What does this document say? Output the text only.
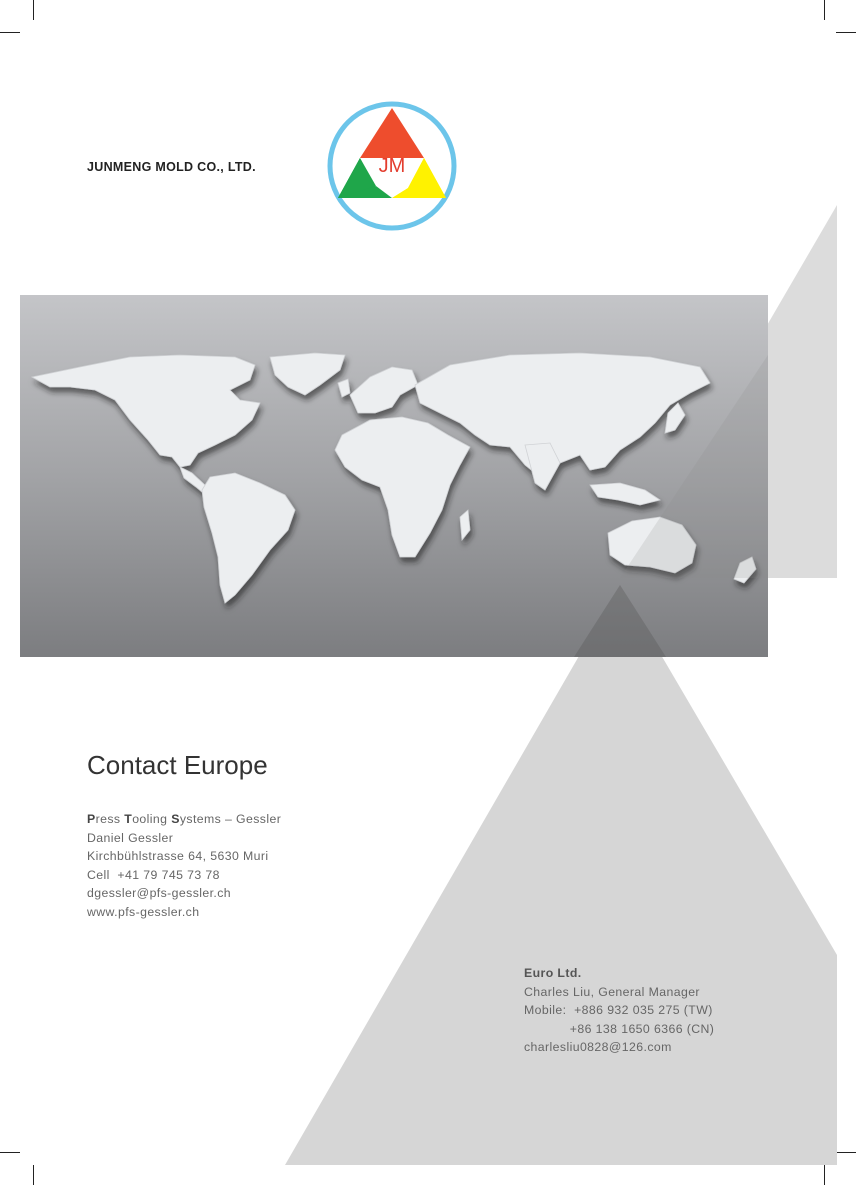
JUNMENG MOLD CO., LTD.	JM
Contact Europe
Press Tooling Systems – Gessler
Daniel Gessler
Kirchbühlstrasse 64, 5630 Muri
Cell  +41 79 745 73 78
dgessler@pfs-gessler.ch
www.pfs-gessler.ch
Euro Ltd.
Charles Liu, General Manager
Mobile:  +886 932 035 275 (TW)
+86 138 1650 6366 (CN)
charlesliu0828@126.com
